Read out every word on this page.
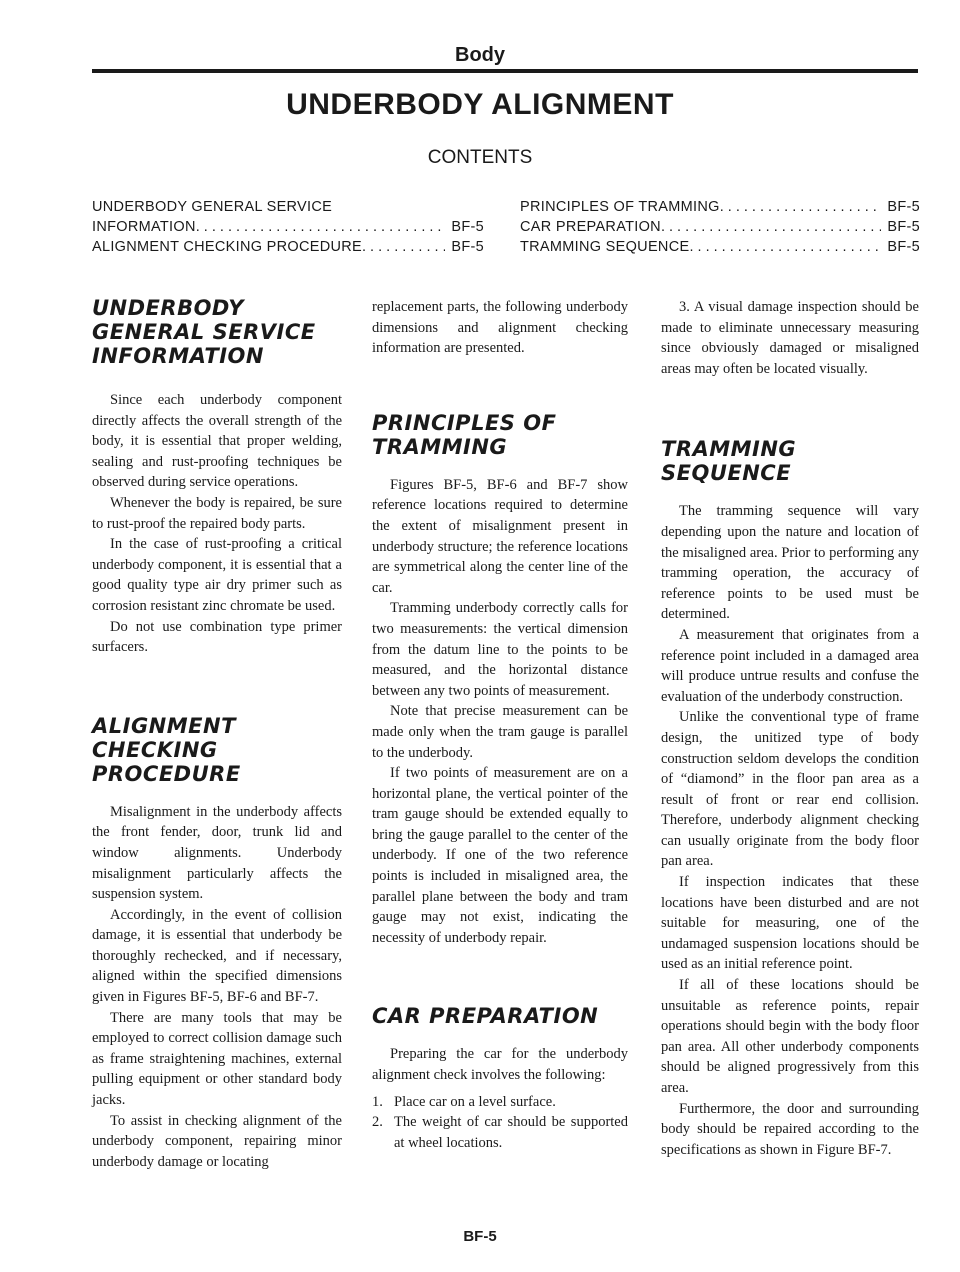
Body
UNDERBODY ALIGNMENT
CONTENTS
UNDERBODY GENERAL SERVICE
INFORMATION . . .	BF-5
ALIGNMENT CHECKING PROCEDURE . . .	BF-5
PRINCIPLES OF TRAMMING . . .	BF-5
CAR PREPARATION . . .	BF-5
TRAMMING SEQUENCE . . .	BF-5
UNDERBODY
GENERAL SERVICE
INFORMATION

Since each underbody component directly affects the overall strength of the body, it is essential that proper welding, sealing and rust-proofing techniques be observed during service operations.

Whenever the body is repaired, be sure to rust-proof the repaired body parts.

In the case of rust-proofing a critical underbody component, it is essential that a good quality type air dry primer such as corrosion resistant zinc chromate be used.

Do not use combination type primer surfacers.

ALIGNMENT
CHECKING
PROCEDURE

Misalignment in the underbody affects the front fender, door, trunk lid and window alignments. Underbody misalignment particularly affects the suspension system.

Accordingly, in the event of collision damage, it is essential that underbody be thoroughly rechecked, and if necessary, aligned within the specified dimensions given in Figures BF-5, BF-6 and BF-7.

There are many tools that may be employed to correct collision damage such as frame straightening machines, external pulling equipment or other standard body jacks.

To assist in checking alignment of the underbody component, repairing minor underbody damage or locating

replacement parts, the following underbody dimensions and alignment checking information are presented.

PRINCIPLES OF
TRAMMING

Figures BF-5, BF-6 and BF-7 show reference locations required to determine the extent of misalignment present in underbody structure; the reference locations are symmetrical along the center line of the car.

Tramming underbody correctly calls for two measurements: the vertical dimension from the datum line to the points to be measured, and the horizontal distance between any two points of measurement.

Note that precise measurement can be made only when the tram gauge is parallel to the underbody.

If two points of measurement are on a horizontal plane, the vertical pointer of the tram gauge should be extended equally to bring the gauge parallel to the center of the underbody. If one of the two reference points is included in misaligned area, the parallel plane between the body and tram gauge may not exist, indicating the necessity of underbody repair.

CAR PREPARATION

Preparing the car for the underbody alignment check involves the following:

1. Place car on a level surface.
2. The weight of car should be supported at wheel locations.

3. A visual damage inspection should be made to eliminate unnecessary measuring since obviously damaged or misaligned areas may often be located visually.

TRAMMING
SEQUENCE

The tramming sequence will vary depending upon the nature and location of the misaligned area. Prior to performing any tramming operation, the accuracy of reference points to be used must be determined.

A measurement that originates from a reference point included in a damaged area will produce untrue results and confuse the evaluation of the underbody construction.

Unlike the conventional type of frame design, the unitized type of body construction seldom develops the condition of “diamond” in the floor pan area as a result of front or rear end collision. Therefore, underbody alignment checking can usually originate from the body floor pan area.

If inspection indicates that these locations have been disturbed and are not suitable for measuring, one of the undamaged suspension locations should be used as an initial reference point.

If all of these locations should be unsuitable as reference points, repair operations should begin with the body floor pan area. All other underbody components should be aligned progressively from this area.

Furthermore, the door and surrounding body should be repaired according to the specifications as shown in Figure BF-7.

BF-5
